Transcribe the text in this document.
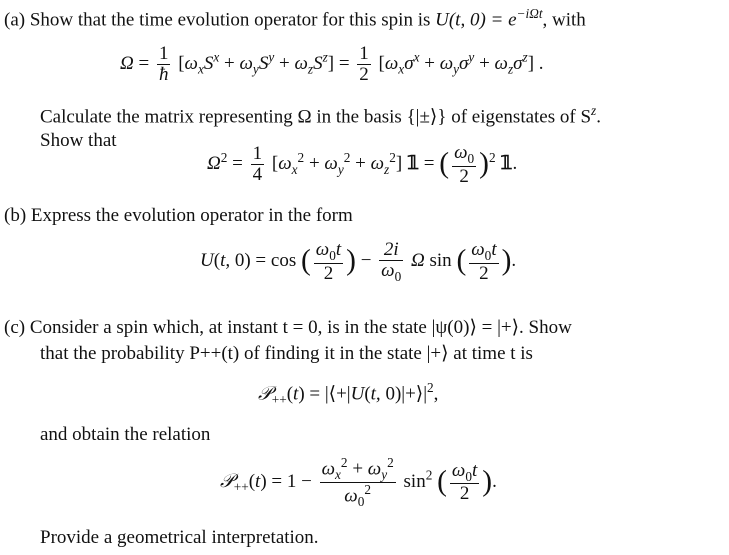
(a) Show that the time evolution operator for this spin is U(t, $0) = e^{-i\Omega t}$, with
$\Omega = \frac{1}{ħ} [\omega_xS^x + \omega_yS^y + \omega_zS^z] = \frac{1}{2} [\omega_x\sigma^x + \omega_y\sigma^y + \omega_z\sigma^z]$ .
Calculate the matrix representing Ω in the basis {|±⟩} of eigenstates of $S^z$.
Show that
$\Omega^2 = \frac{1}{4} [\omega_x^2 + \omega_y^2 + \omega_z^2]$ 𝟙 = ( $\frac{\omega_0}{2} )^2$ 𝟙.
(b) Express the evolution operator in the form
U(t, 0) = cos ( $\frac{\omega_0t}{2}$ ) − $\frac{2i}{\omega_0}$ Ω sin ( $\frac{\omega_0t}{2}$ ).
(c) Consider a spin which, at instant t = 0, is in the state |ψ(0)⟩ = |+⟩. Show
that the probability P++(t) of finding it in the state |+⟩ at time t is
𝒫$_{++}$(t) = |⟨+|U(t, $0)|+⟩|^2$,
and obtain the relation
𝒫$_{++}$(t) = $1 - \frac{\omega_x^2 + \omega_y^2}{\omega_0^2} \sin^2$ ( $\frac{\omega_0t}{2}$ ).
Provide a geometrical interpretation.
